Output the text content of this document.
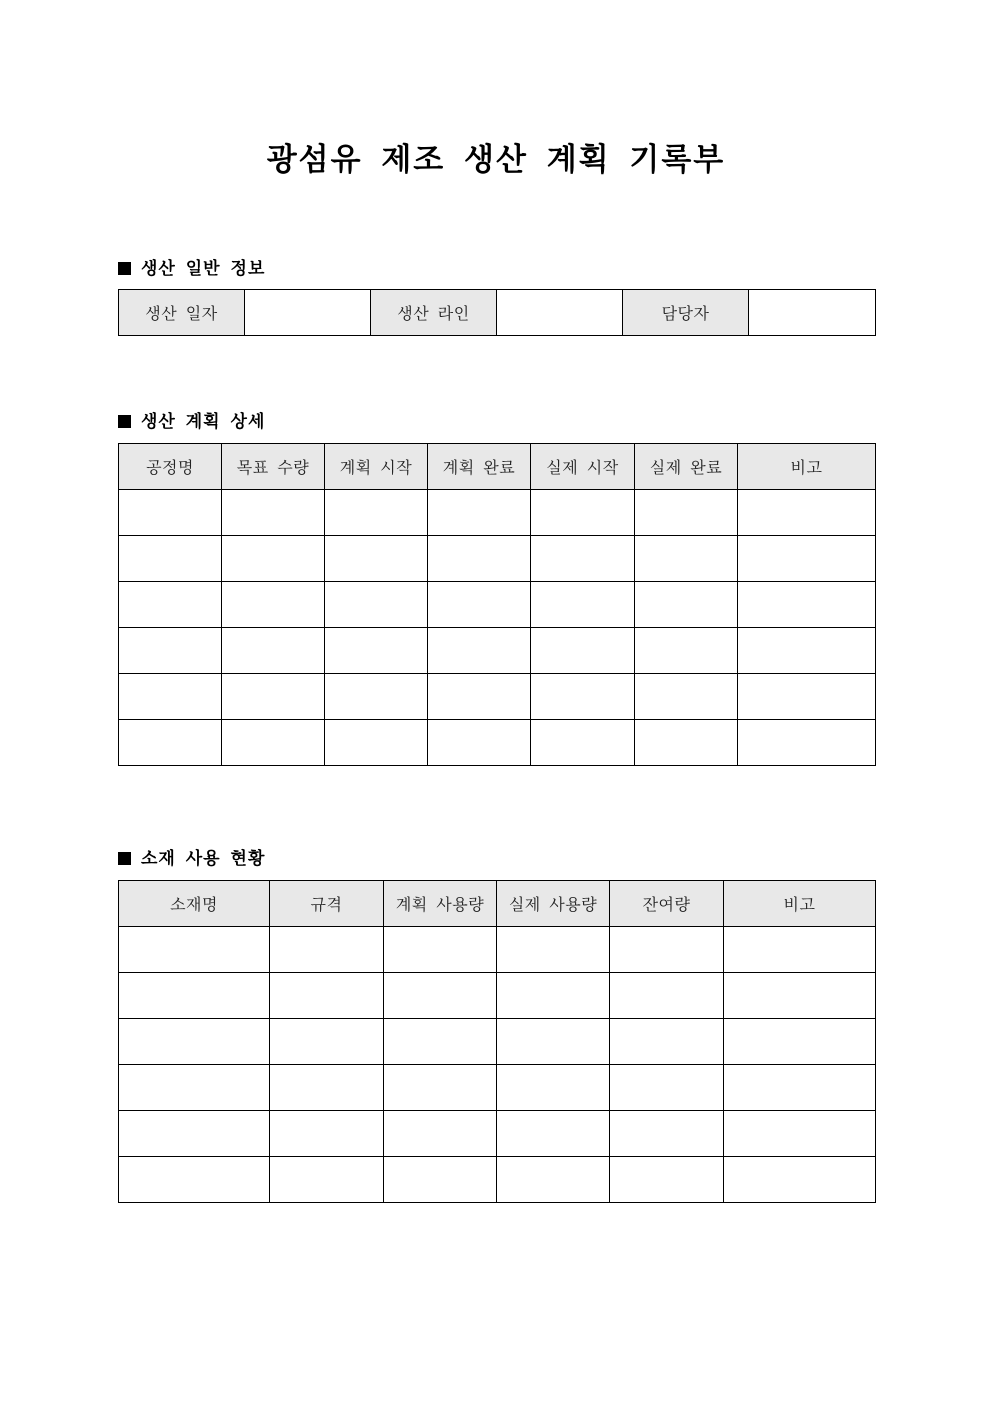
광섬유 제조 생산 계획 기록부
생산 일반 정보
생산 일자		생산 라인		담당자	
생산 계획 상세
공정명	목표 수량	계획 시작	계획 완료	실제 시작	실제 완료	비고

소재 사용 현황
소재명	규격	계획 사용량	실제 사용량	잔여량	비고
